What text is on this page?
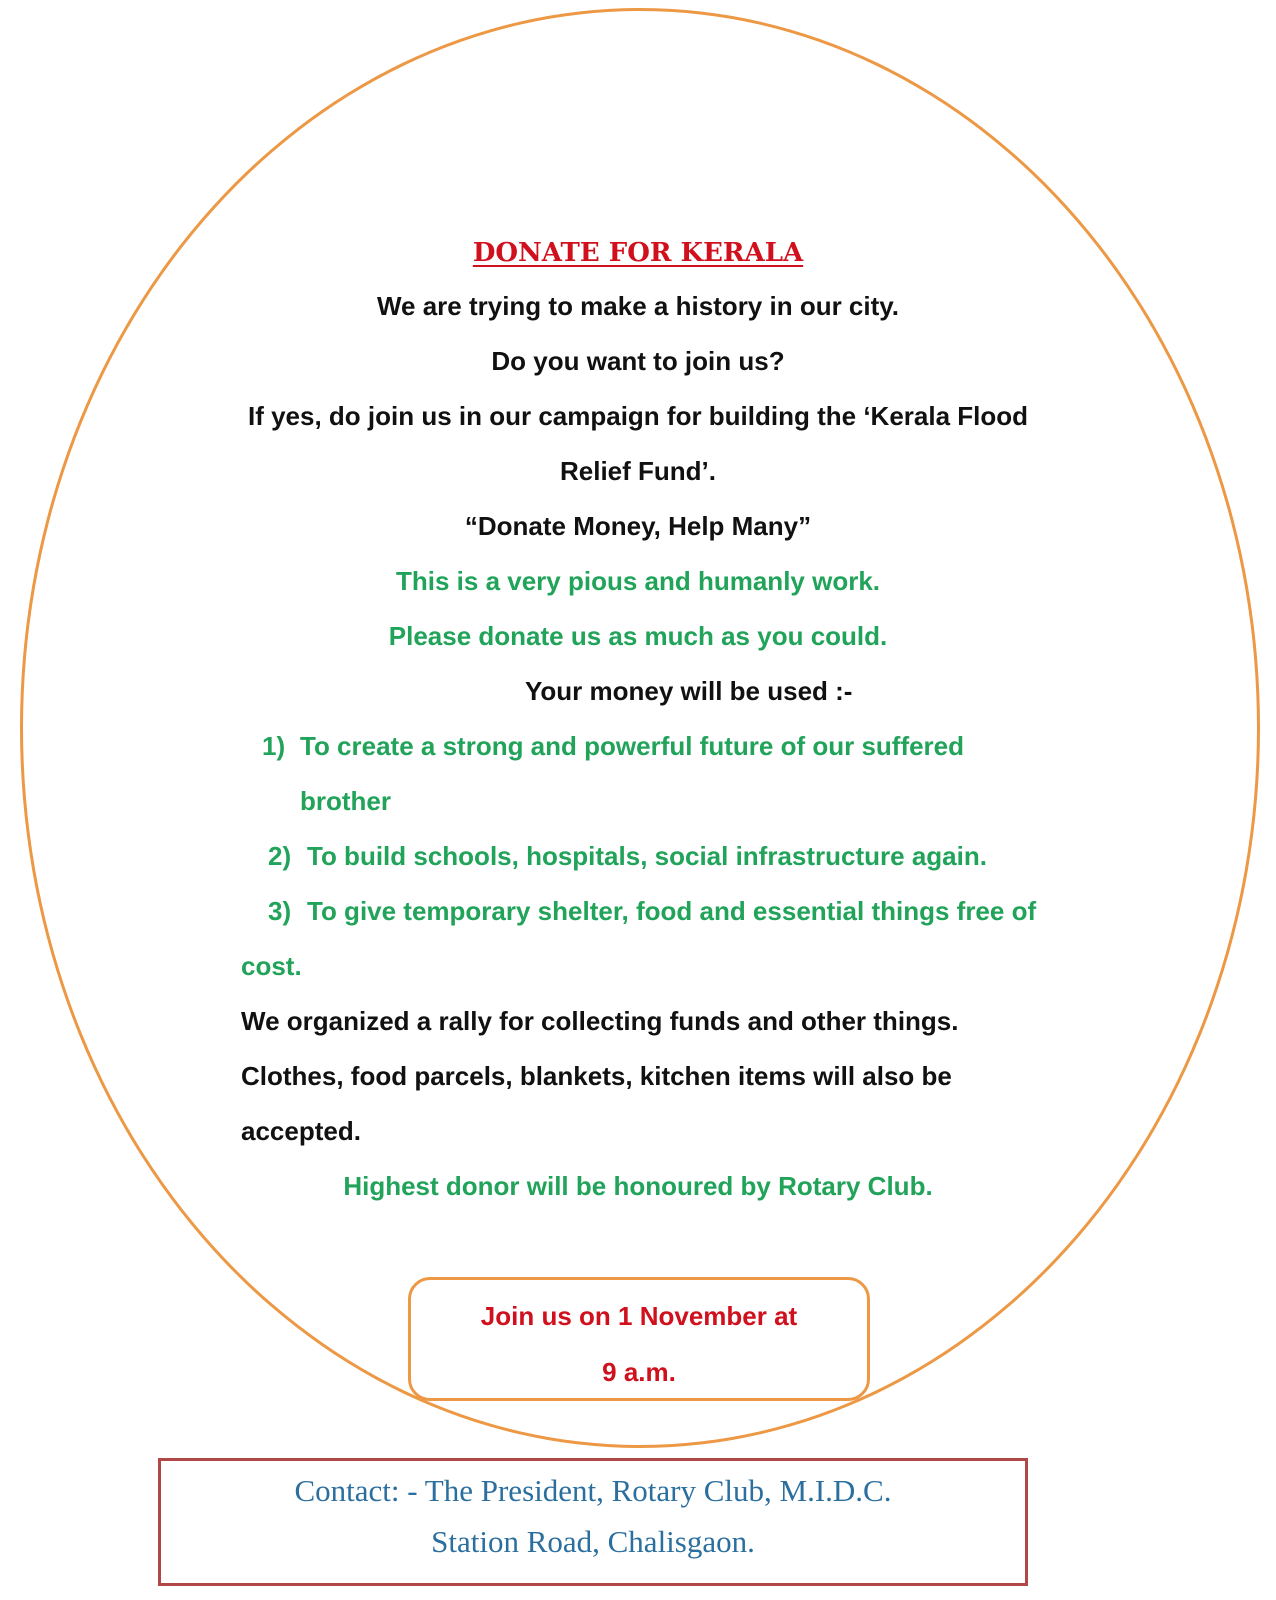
DONATE FOR KERALA

We are trying to make a history in our city.

Do you want to join us?

If yes, do join us in our campaign for building the ‘Kerala Flood

Relief Fund’.

“Donate Money, Help Many”

This is a very pious and humanly work.

Please donate us as much as you could.

Your money will be used :-

1) To create a strong and powerful future of our suffered

brother

2) To build schools, hospitals, social infrastructure again.

3) To give temporary shelter, food and essential things free of

cost.

We organized a rally for collecting funds and other things.

Clothes, food parcels, blankets, kitchen items will also be

accepted.

Highest donor will be honoured by Rotary Club.

Join us on 1 November at

9 a.m.

Contact: - The President, Rotary Club, M.I.D.C.

Station Road, Chalisgaon.
